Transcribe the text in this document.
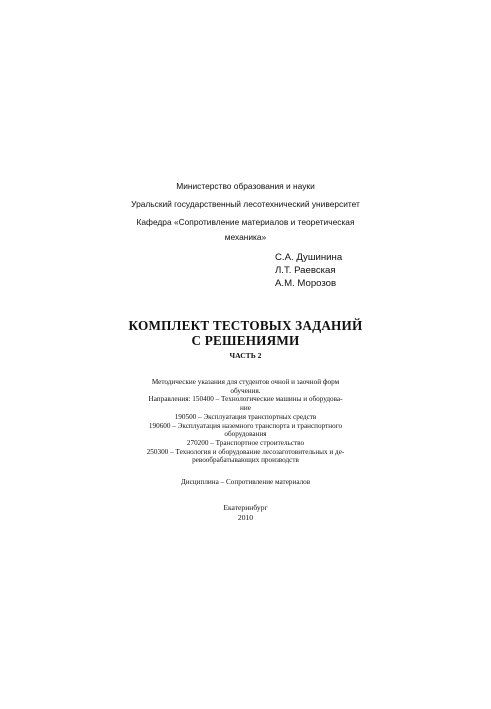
Министерство образования и науки
Уральский государственный лесотехнический университет
Кафедра «Сопротивление материалов и теоретическая
механика»
С.А. Душинина
Л.Т. Раевская
А.М. Морозов
КОМПЛЕКТ ТЕСТОВЫХ ЗАДАНИЙ
С РЕШЕНИЯМИ
ЧАСТЬ 2
Методические указания для студентов очной и заочной форм
обучения.
Направления: 150400 – Технологические машины и оборудова-
ние
190500 – Эксплуатация транспортных средств
190600 – Эксплуатация наземного транспорта и транспортного
оборудования
270200 – Транспортное строительство
250300 – Технология и оборудование лесозаготовительных и де-
ревообрабатывающих производств
Дисциплина – Сопротивление материалов
Екатеринбург
2010
